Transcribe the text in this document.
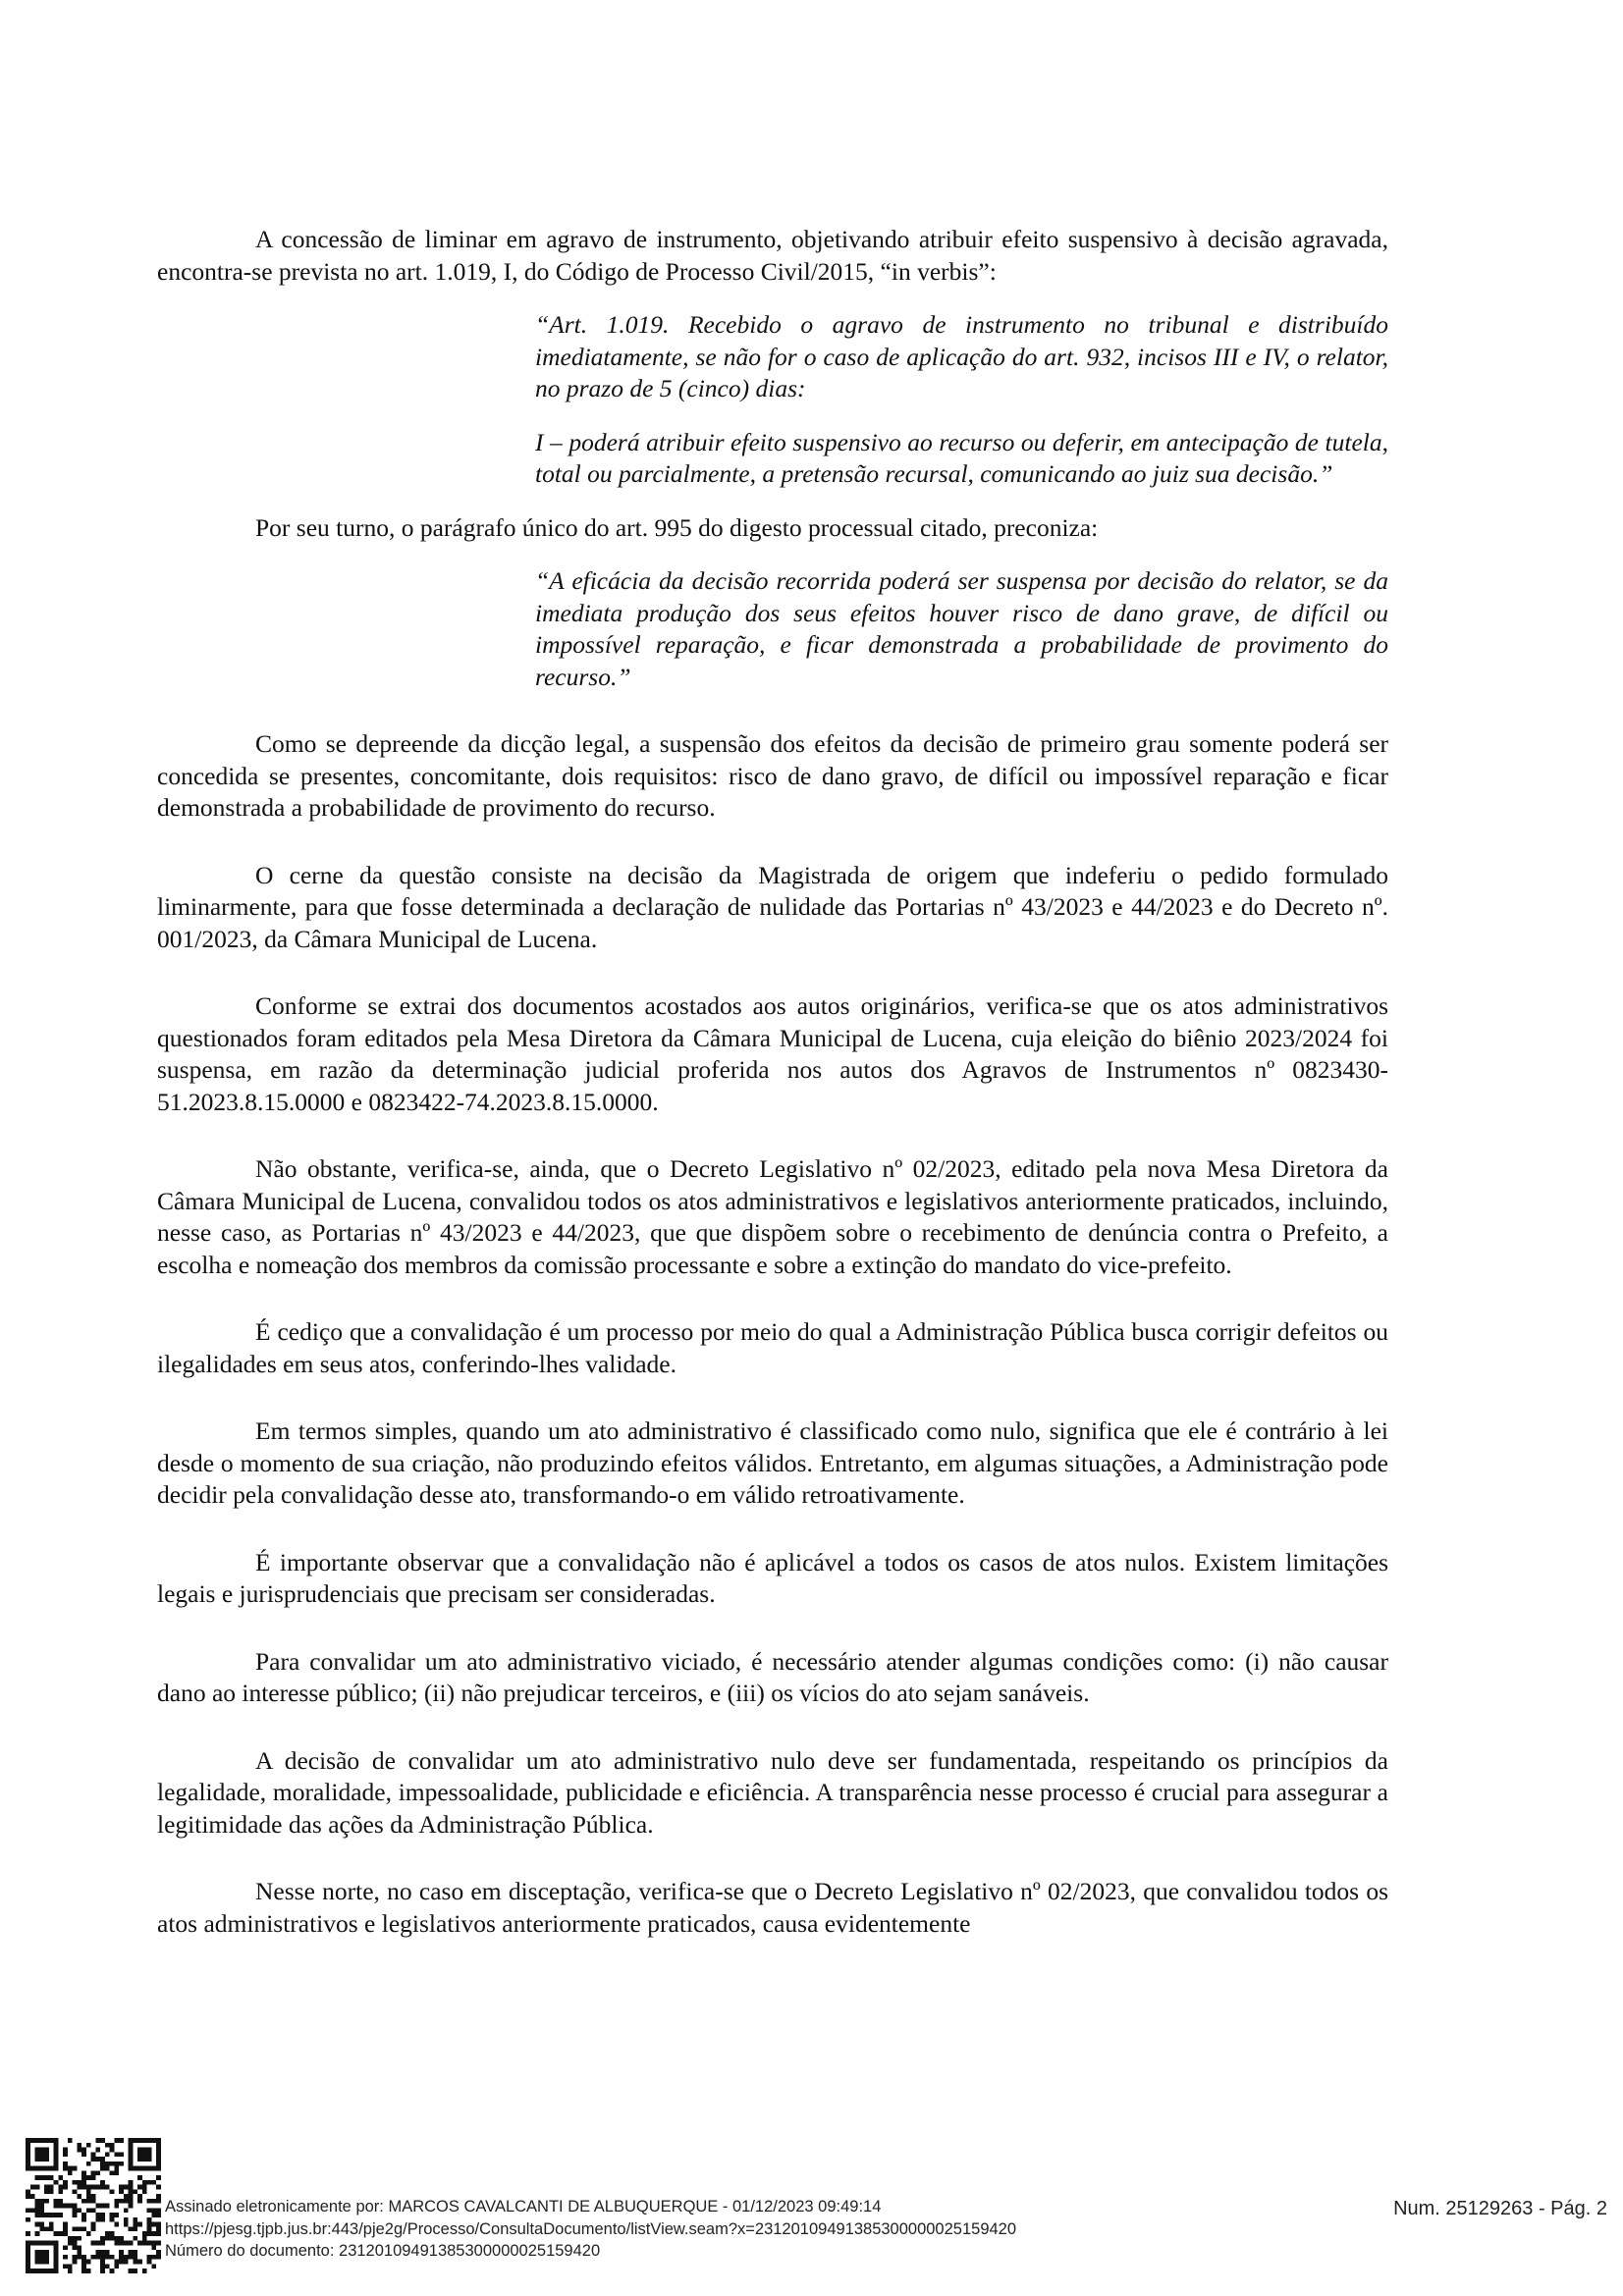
A concessão de liminar em agravo de instrumento, objetivando atribuir efeito suspensivo à decisão agravada, encontra-se prevista no art. 1.019, I, do Código de Processo Civil/2015, “in verbis”:

“Art. 1.019. Recebido o agravo de instrumento no tribunal e distribuído imediatamente, se não for o caso de aplicação do art. 932, incisos III e IV, o relator, no prazo de 5 (cinco) dias:

I – poderá atribuir efeito suspensivo ao recurso ou deferir, em antecipação de tutela, total ou parcialmente, a pretensão recursal, comunicando ao juiz sua decisão.”

Por seu turno, o parágrafo único do art. 995 do digesto processual citado, preconiza:

“A eficácia da decisão recorrida poderá ser suspensa por decisão do relator, se da imediata produção dos seus efeitos houver risco de dano grave, de difícil ou impossível reparação, e ficar demonstrada a probabilidade de provimento do recurso.”

Como se depreende da dicção legal, a suspensão dos efeitos da decisão de primeiro grau somente poderá ser concedida se presentes, concomitante, dois requisitos: risco de dano gravo, de difícil ou impossível reparação e ficar demonstrada a probabilidade de provimento do recurso.

O cerne da questão consiste na decisão da Magistrada de origem que indeferiu o pedido formulado liminarmente, para que fosse determinada a declaração de nulidade das Portarias nº 43/2023 e 44/2023 e do Decreto nº. 001/2023, da Câmara Municipal de Lucena.

Conforme se extrai dos documentos acostados aos autos originários, verifica-se que os atos administrativos questionados foram editados pela Mesa Diretora da Câmara Municipal de Lucena, cuja eleição do biênio 2023/2024 foi suspensa, em razão da determinação judicial proferida nos autos dos Agravos de Instrumentos nº 0823430-51.2023.8.15.0000 e 0823422-74.2023.8.15.0000.

Não obstante, verifica-se, ainda, que o Decreto Legislativo nº 02/2023, editado pela nova Mesa Diretora da Câmara Municipal de Lucena, convalidou todos os atos administrativos e legislativos anteriormente praticados, incluindo, nesse caso, as Portarias nº 43/2023 e 44/2023, que que dispõem sobre o recebimento de denúncia contra o Prefeito, a escolha e nomeação dos membros da comissão processante e sobre a extinção do mandato do vice-prefeito.

É cediço que a convalidação é um processo por meio do qual a Administração Pública busca corrigir defeitos ou ilegalidades em seus atos, conferindo-lhes validade.

Em termos simples, quando um ato administrativo é classificado como nulo, significa que ele é contrário à lei desde o momento de sua criação, não produzindo efeitos válidos. Entretanto, em algumas situações, a Administração pode decidir pela convalidação desse ato, transformando-o em válido retroativamente.

É importante observar que a convalidação não é aplicável a todos os casos de atos nulos. Existem limitações legais e jurisprudenciais que precisam ser consideradas.

Para convalidar um ato administrativo viciado, é necessário atender algumas condições como: (i) não causar dano ao interesse público; (ii) não prejudicar terceiros, e (iii) os vícios do ato sejam sanáveis.

A decisão de convalidar um ato administrativo nulo deve ser fundamentada, respeitando os princípios da legalidade, moralidade, impessoalidade, publicidade e eficiência. A transparência nesse processo é crucial para assegurar a legitimidade das ações da Administração Pública.

Nesse norte, no caso em disceptação, verifica-se que o Decreto Legislativo nº 02/2023, que convalidou todos os atos administrativos e legislativos anteriormente praticados, causa evidentemente

Assinado eletronicamente por: MARCOS CAVALCANTI DE ALBUQUERQUE - 01/12/2023 09:49:14
https://pjesg.tjpb.jus.br:443/pje2g/Processo/ConsultaDocumento/listView.seam?x=23120109491385300000025159420
Número do documento: 23120109491385300000025159420
Num. 25129263 - Pág. 2
